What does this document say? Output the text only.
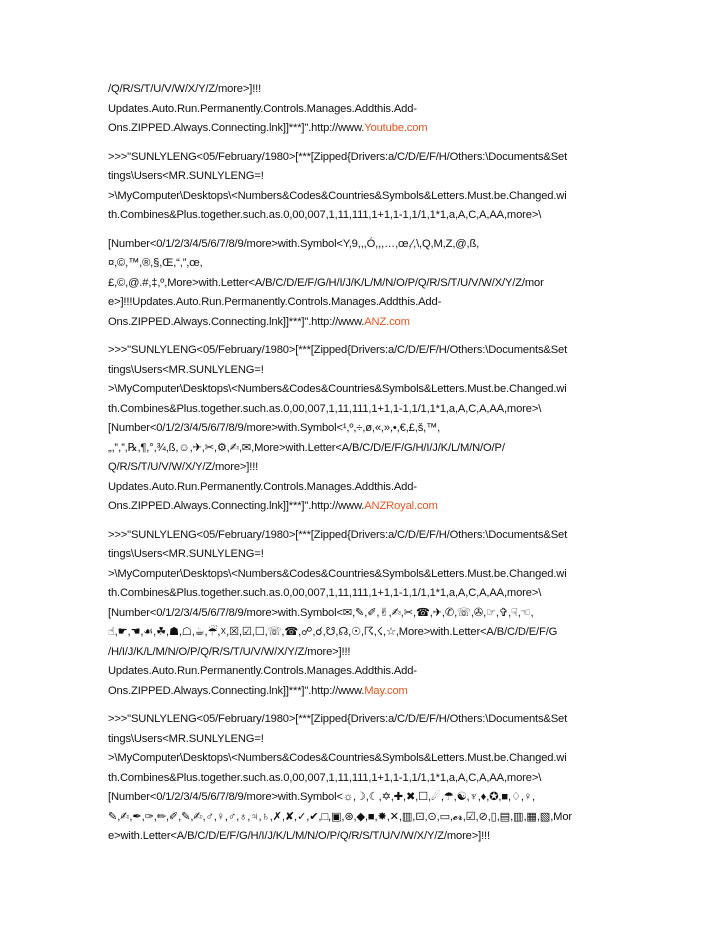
/Q/R/S/T/U/V/W/X/Y/Z/more>]!!!
Updates.Auto.Run.Permanently.Controls.Manages.Addthis.Add-
Ons.ZIPPED.Always.Connecting.lnk]]***]".http://www.Youtube.com
>>>"SUNLYLENG<05/February/1980>[***[Zipped{Drivers:a/C/D/E/F/H/Others:\Documents&Set
tings\Users<MR.SUNLYLENG=!
>\MyComputer\Desktops\<Numbers&Codes&Countries&Symbols&Letters.Must.be.Changed.wi
th.Combines&Plus.together.such.as.0,00,007,1,11,111,1+1,1-1,1/1,1*1,a,A,C,A,AA,more>\
[Number<0/1/2/3/4/5/6/7/8/9/more>with.Symbol<Y,9,,,Ó,,,…,œ,∕,\,Q,M,Z,@,ß,
¤,©,™,®,§,Œ,“,”,œ,
£,©,@.#,‡,º,More>with.Letter<A/B/C/D/E/F/G/H/I/J/K/L/M/N/O/P/Q/R/S/T/U/V/W/X/Y/Z/mor
e>]!!!Updates.Auto.Run.Permanently.Controls.Manages.Addthis.Add-
Ons.ZIPPED.Always.Connecting.lnk]]***]".http://www.ANZ.com
>>>"SUNLYLENG<05/February/1980>[***[Zipped{Drivers:a/C/D/E/F/H/Others:\Documents&Set
tings\Users<MR.SUNLYLENG=!
>\MyComputer\Desktops\<Numbers&Codes&Countries&Symbols&Letters.Must.be.Changed.wi
th.Combines&Plus.together.such.as.0,00,007,1,11,111,1+1,1-1,1/1,1*1,a,A,C,A,AA,more>\
[Number<0/1/2/3/4/5/6/7/8/9/more>with.Symbol<¹,º,÷,ø,«,»,•,€,£,š,™,
„,‟,”,℞,¶,°,¾,ß,☺,✈,✂,⚙,✍,✉,More>with.Letter<A/B/C/D/E/F/G/H/I/J/K/L/M/N/O/P/
Q/R/S/T/U/V/W/X/Y/Z/more>]!!!
Updates.Auto.Run.Permanently.Controls.Manages.Addthis.Add-
Ons.ZIPPED.Always.Connecting.lnk]]***]".http://www.ANZRoyal.com
>>>"SUNLYLENG<05/February/1980>[***[Zipped{Drivers:a/C/D/E/F/H/Others:\Documents&Set
tings\Users<MR.SUNLYLENG=!
>\MyComputer\Desktops\<Numbers&Codes&Countries&Symbols&Letters.Must.be.Changed.wi
th.Combines&Plus.together.such.as.0,00,007,1,11,111,1+1,1-1,1/1,1*1,a,A,C,A,AA,more>\
[Number<0/1/2/3/4/5/6/7/8/9/more>with.Symbol<✉,✎,✐,✌,✍,✂,☎,✈,✆,☏,✇,☞,✞,☟,☜,
☝,☛,☚,☙,☘,☗,☖,☕,☔,☓,☒,☑,☐,☏,☎,☍,☌,☋,☊,☉,☈,☇,☆,More>with.Letter<A/B/C/D/E/F/G
/H/I/J/K/L/M/N/O/P/Q/R/S/T/U/V/W/X/Y/Z/more>]!!!
Updates.Auto.Run.Permanently.Controls.Manages.Addthis.Add-
Ons.ZIPPED.Always.Connecting.lnk]]***]".http://www.May.com
>>>"SUNLYLENG<05/February/1980>[***[Zipped{Drivers:a/C/D/E/F/H/Others:\Documents&Set
tings\Users<MR.SUNLYLENG=!
>\MyComputer\Desktops\<Numbers&Codes&Countries&Symbols&Letters.Must.be.Changed.wi
th.Combines&Plus.together.such.as.0,00,007,1,11,111,1+1,1-1,1/1,1*1,a,A,C,A,AA,more>\
[Number<0/1/2/3/4/5/6/7/8/9/more>with.Symbol<☼,☽,☾,✡,✚,✖,☐,☄,☂,☯,♆,♦,✪,■,♢,♀,
✎,✍,✒,✑,✏,✐,✎,✍,♂,♀,♂,♁,♃,♄,✗,✘,✓,✔,□,▣,⊛,◆,■,✸,✕,▥,⊡,⊙,▭,𝓮𝓻,☑,⊘,▯,▤,▥,▦,▧,Mor
e>with.Letter<A/B/C/D/E/F/G/H/I/J/K/L/M/N/O/P/Q/R/S/T/U/V/W/X/Y/Z/more>]!!!
